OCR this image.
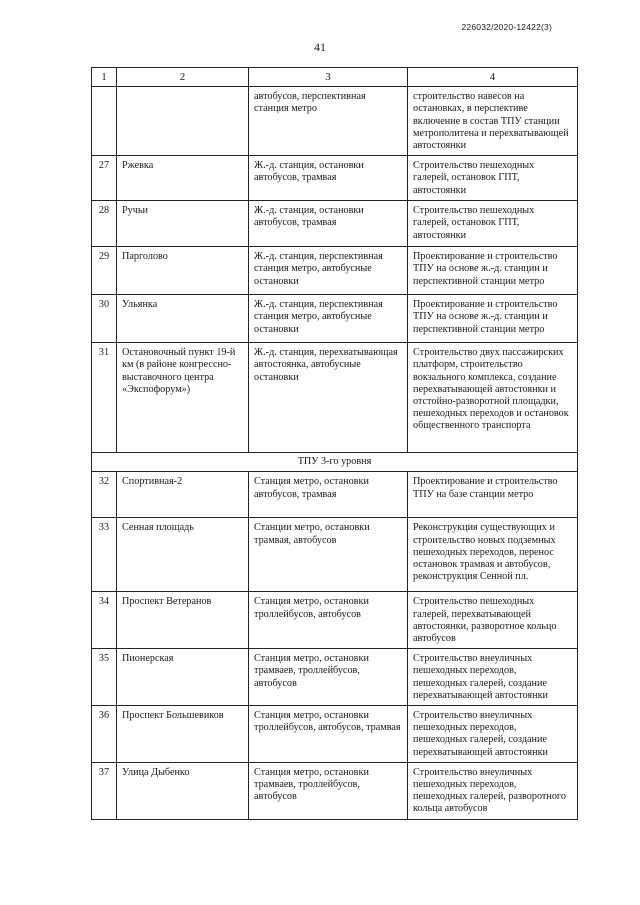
226032/2020-12422(3)
41
1	2	3	4
		автобусов, перспективная станция метро	строительство навесов на остановках, в перспективе включение в состав ТПУ станции метрополитена и перехватывающей автостоянки
27	Ржевка	Ж.-д. станция, остановки автобусов, трамвая	Строительство пешеходных галерей, остановок ГПТ, автостоянки
28	Ручьи	Ж.-д. станция, остановки автобусов, трамвая	Строительство пешеходных галерей, остановок ГПТ, автостоянки
29	Парголово	Ж.-д. станция, перспективная станция метро, автобусные остановки	Проектирование и строительство ТПУ на основе ж.-д. станции и перспективной станции метро
30	Ульянка	Ж.-д. станция, перспективная станция метро, автобусные остановки	Проектирование и строительство ТПУ на основе ж.-д. станции и перспективной станции метро
31	Остановочный пункт 19-й км (в районе конгрессно-выставочного центра «Экспофорум»)	Ж.-д. станция, перехватывающая автостоянка, автобусные остановки	Строительство двух пассажирских платформ, строительство вокзального комплекса, создание перехватывающей автостоянки и отстойно-разворотной площадки, пешеходных переходов и остановок общественного транспорта
ТПУ 3-го уровня			
32	Спортивная-2	Станция метро, остановки автобусов, трамвая	Проектирование и строительство ТПУ на базе станции метро
33	Сенная площадь	Станции метро, остановки трамвая, автобусов	Реконструкция существующих и строительство новых подземных пешеходных переходов, перенос остановок трамвая и автобусов, реконструкция Сенной пл.
34	Проспект Ветеранов	Станция метро, остановки троллейбусов, автобусов	Строительство пешеходных галерей, перехватывающей автостоянки, разворотное кольцо автобусов
35	Пионерская	Станция метро, остановки трамваев, троллейбусов, автобусов	Строительство внеуличных пешеходных переходов, пешеходных галерей, создание перехватывающей автостоянки
36	Проспект Большевиков	Станция метро, остановки троллейбусов, автобусов, трамвая	Строительство внеуличных пешеходных переходов, пешеходных галерей, создание перехватывающей автостоянки
37	Улица Дыбенко	Станция метро, остановки трамваев, троллейбусов, автобусов	Строительство внеуличных пешеходных переходов, пешеходных галерей, разворотного кольца автобусов
